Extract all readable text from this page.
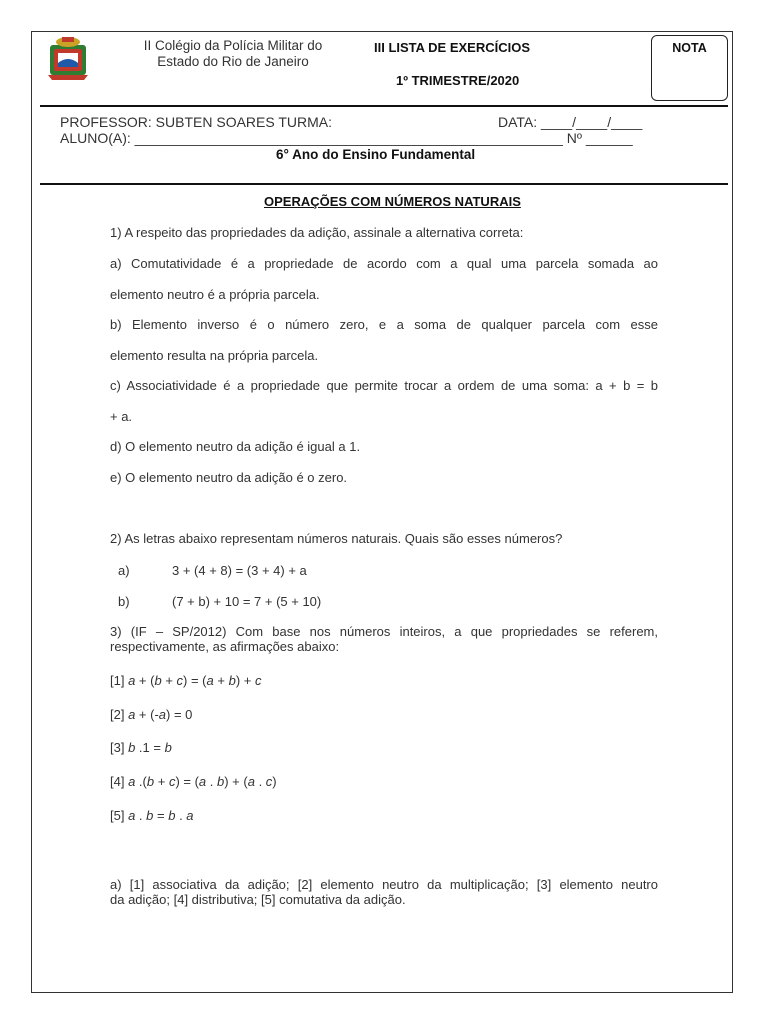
II Colégio da Polícia Militar do
Estado do Rio de Janeiro
III LISTA DE EXERCÍCIOS
1º TRIMESTRE/2020
NOTA
PROFESSOR: SUBTEN SOARES TURMA:	DATA: ____/____/____
ALUNO(A): _______________________________________________________ Nº ______
6° Ano do Ensino Fundamental
OPERAÇÕES COM NÚMEROS NATURAIS
1) A respeito das propriedades da adição, assinale a alternativa correta:
a) Comutatividade é a propriedade de acordo com a qual uma parcela somada ao
elemento neutro é a própria parcela.
b) Elemento inverso é o número zero, e a soma de qualquer parcela com esse
elemento resulta na própria parcela.
c) Associatividade é a propriedade que permite trocar a ordem de uma soma: a + b = b
+ a.
d) O elemento neutro da adição é igual a 1.
e) O elemento neutro da adição é o zero.
2) As letras abaixo representam números naturais. Quais são esses números?
a)	3 + (4 + 8) = (3 + 4) + a
b)	(7 + b) + 10 = 7 + (5 + 10)
3) (IF – SP/2012) Com base nos números inteiros, a que propriedades se referem,
respectivamente, as afirmações abaixo:
[1] a + (b + c) = (a + b) + c
[2] a + (-a) = 0
[3] b .1 = b
[4] a .(b + c) = (a . b) + (a . c)
[5] a . b = b . a
a) [1] associativa da adição; [2] elemento neutro da multiplicação; [3] elemento neutro
da adição; [4] distributiva; [5] comutativa da adição.
